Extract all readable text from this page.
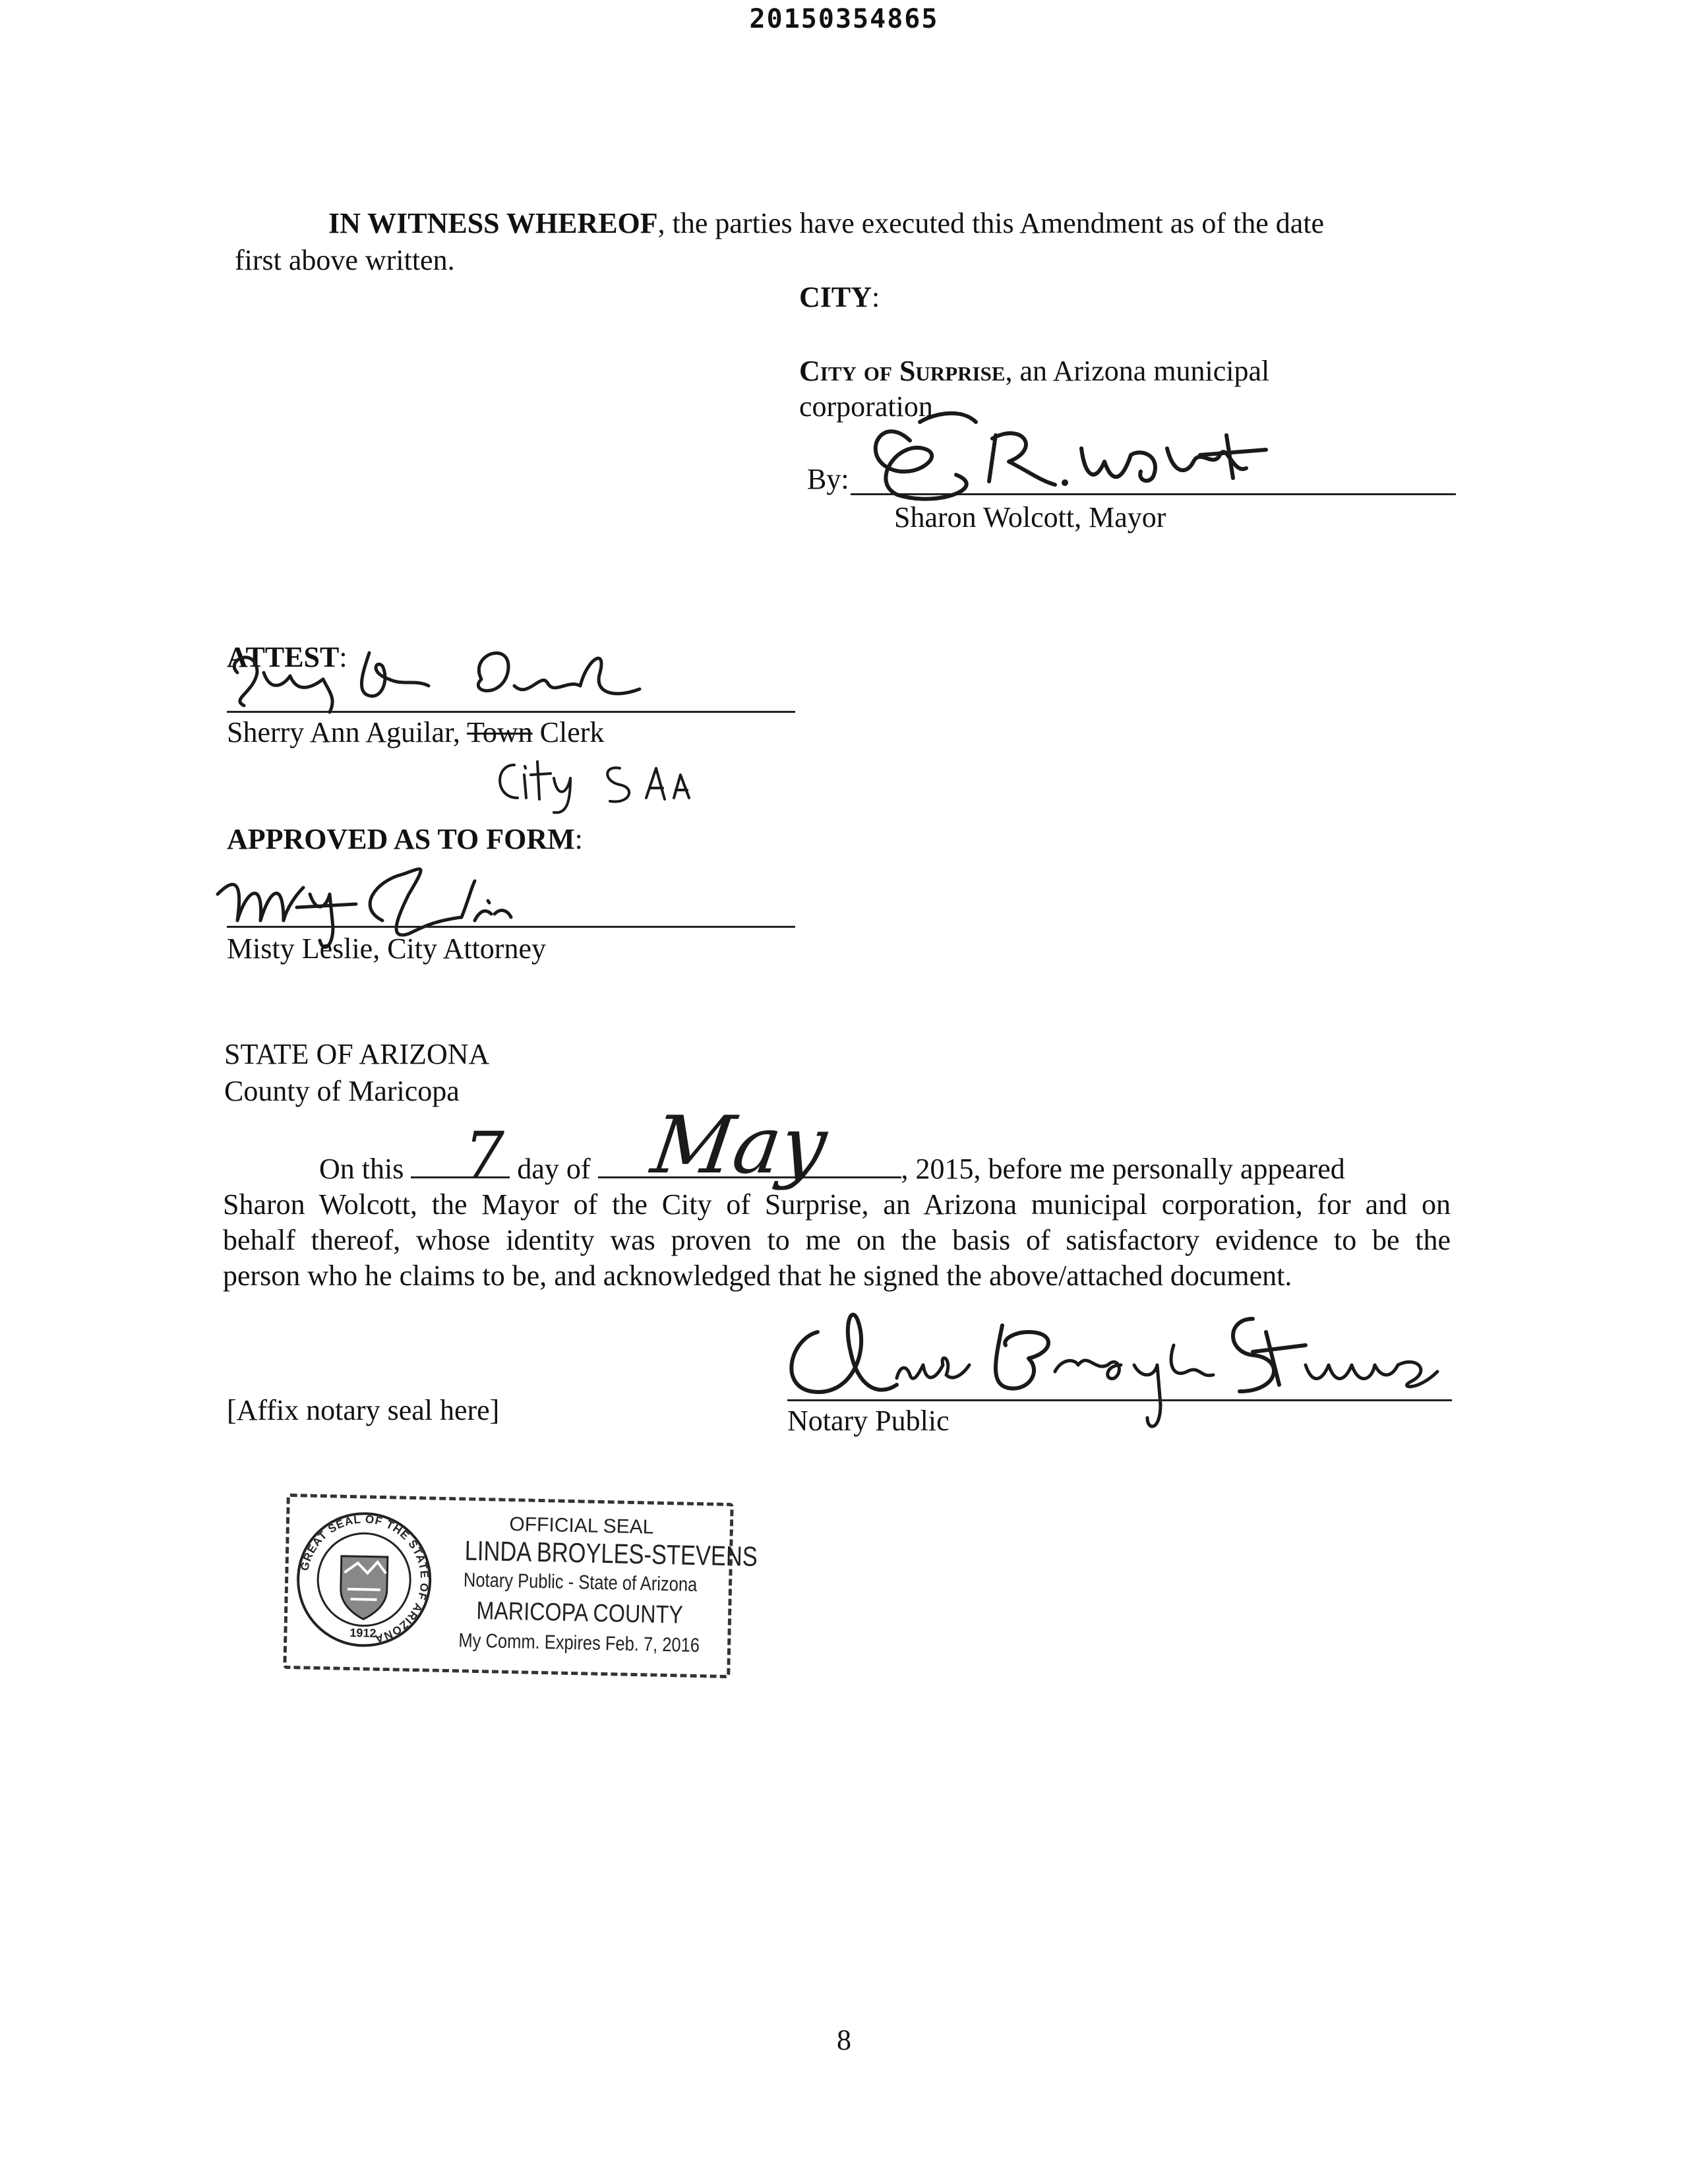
20150354865
IN WITNESS WHEREOF, the parties have executed this Amendment as of the date
first above written.
CITY:
City of Surprise, an Arizona municipal
corporation
By:
Sharon Wolcott, Mayor
ATTEST:
Sherry Ann Aguilar, Town Clerk
APPROVED AS TO FORM:
Misty Leslie, City Attorney
STATE OF ARIZONA
County of Maricopa
On this	day of	, 2015, before me personally appeared
7 May
Sharon Wolcott, the Mayor of the City of Surprise, an Arizona municipal corporation, for and on
behalf thereof, whose identity was proven to me on the basis of satisfactory evidence to be the
person who he claims to be, and acknowledged that he signed the above/attached document.
[Affix notary seal here]	Notary Public
GREAT SEAL OF THE STATE OF ARIZONA
1912
OFFICIAL SEAL
LINDA BROYLES-STEVENS
Notary Public - State of Arizona
MARICOPA COUNTY
My Comm. Expires Feb. 7, 2016
8
